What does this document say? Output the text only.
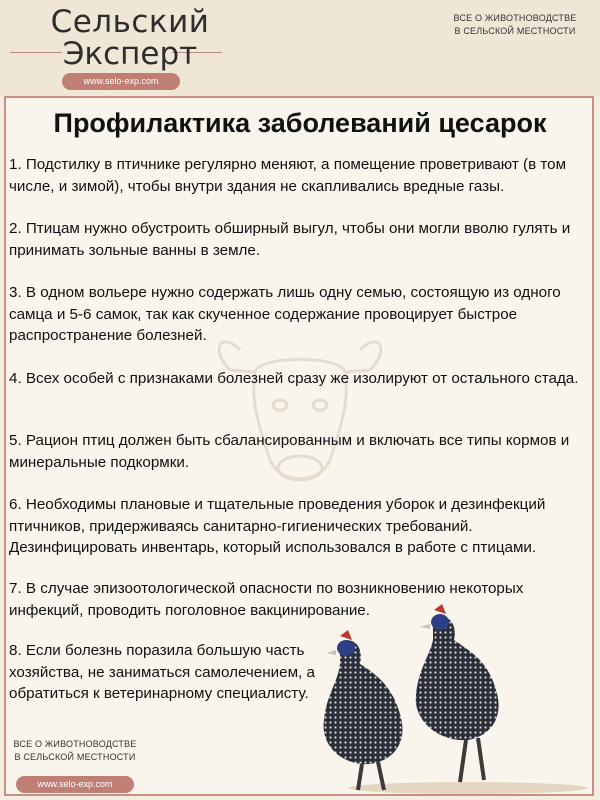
Сельский
Эксперт
www.selo-exp.com
ВСЕ О ЖИВОТНОВОДСТВЕ
В СЕЛЬСКОЙ МЕСТНОСТИ
Профилактика заболеваний цесарок
1. Подстилку в птичнике регулярно меняют, а помещение проветривают (в том числе, и зимой), чтобы внутри здания не скапливались вредные газы.
2. Птицам нужно обустроить обширный выгул, чтобы они могли вволю гулять и принимать зольные ванны в земле.
3. В одном вольере нужно содержать лишь одну семью, состоящую из одного самца и 5-6 самок, так как скученное содержание провоцирует быстрое распространение болезней.
4. Всех особей с признаками болезней сразу же изолируют от остального стада.
5. Рацион птиц должен быть сбалансированным и включать все типы кормов и минеральные подкормки.
6. Необходимы плановые и тщательные проведения уборок и дезинфекций птичников, придерживаясь санитарно-гигиенических требований. Дезинфицировать инвентарь, который использовался в работе с птицами.
7. В случае эпизоотологической опасности по возникновению некоторых инфекций, проводить поголовное вакцинирование.
8. Если болезнь поразила большую часть хозяйства, не заниматься самолечением, а обратиться к ветеринарному специалисту.
ВСЕ О ЖИВОТНОВОДСТВЕ
В СЕЛЬСКОЙ МЕСТНОСТИ
www.selo-exp.com
